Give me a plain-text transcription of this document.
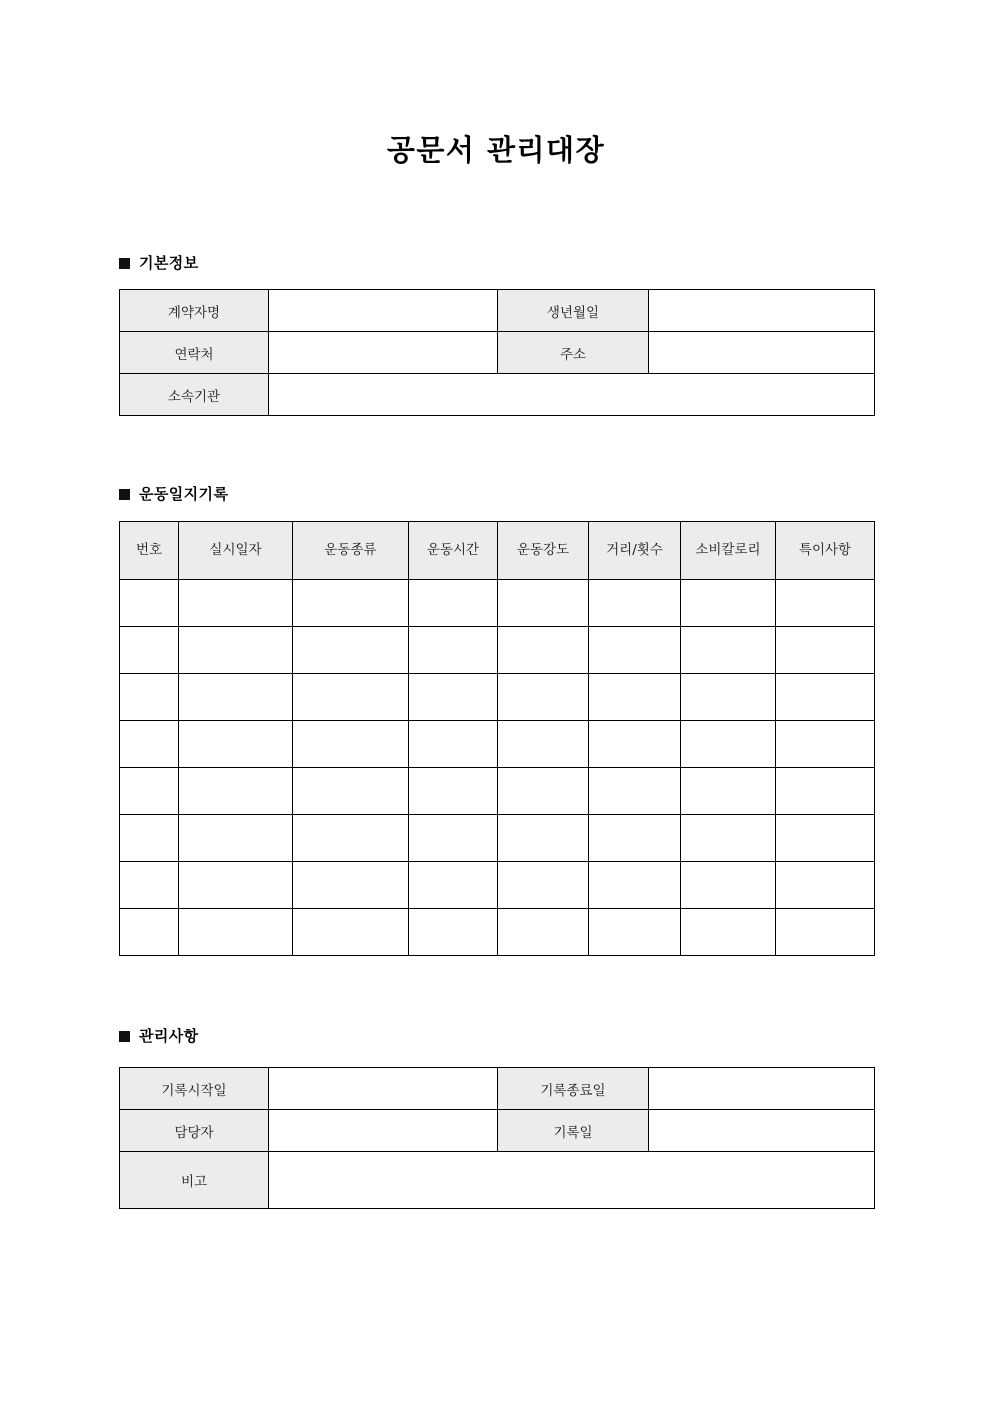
공문서 관리대장
기본정보
계약자명		생년월일	
연락처		주소	
소속기관			
운동일지기록
번호	실시일자	운동종류	운동시간	운동강도	거리/횟수	소비칼로리	특이사항

관리사항
기록시작일		기록종료일	
담당자		기록일	
비고			
